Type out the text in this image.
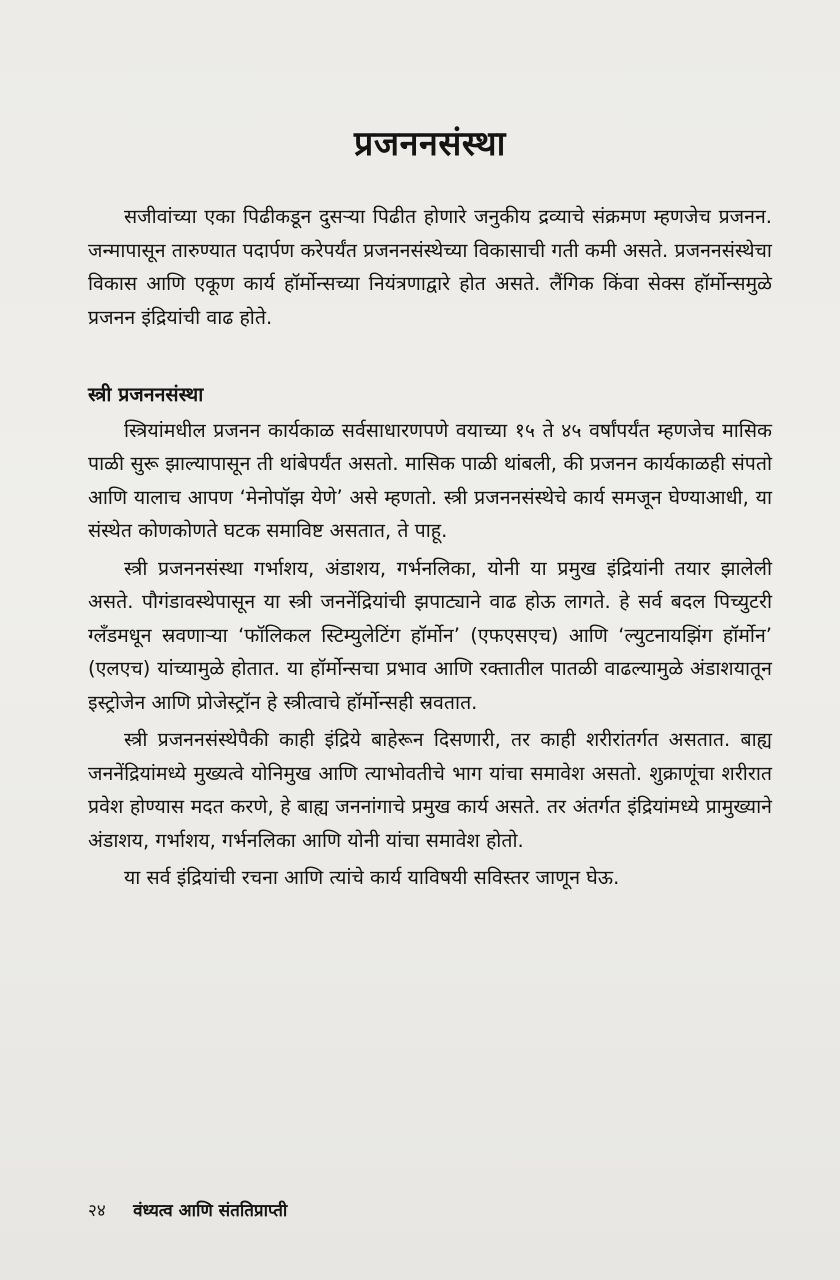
प्रजननसंस्था

सजीवांच्या एका पिढीकडून दुसऱ्या पिढीत होणारे जनुकीय द्रव्याचे संक्रमण म्हणजेच प्रजनन. जन्मापासून तारुण्यात पदार्पण करेपर्यंत प्रजननसंस्थेच्या विकासाची गती कमी असते. प्रजननसंस्थेचा विकास आणि एकूण कार्य हॉर्मोन्सच्या नियंत्रणाद्वारे होत असते. लैंगिक किंवा सेक्स हॉर्मोन्समुळे प्रजनन इंद्रियांची वाढ होते.

स्त्री प्रजननसंस्था

स्त्रियांमधील प्रजनन कार्यकाळ सर्वसाधारणपणे वयाच्या १५ ते ४५ वर्षांपर्यंत म्हणजेच मासिक पाळी सुरू झाल्यापासून ती थांबेपर्यंत असतो. मासिक पाळी थांबली, की प्रजनन कार्यकाळही संपतो आणि यालाच आपण ‘मेनोपॉझ येणे’ असे म्हणतो. स्त्री प्रजननसंस्थेचे कार्य समजून घेण्याआधी, या संस्थेत कोणकोणते घटक समाविष्ट असतात, ते पाहू.

स्त्री प्रजननसंस्था गर्भाशय, अंडाशय, गर्भनलिका, योनी या प्रमुख इंद्रियांनी तयार झालेली असते. पौगंडावस्थेपासून या स्त्री जननेंद्रियांची झपाट्याने वाढ होऊ लागते. हे सर्व बदल पिच्युटरी ग्लँडमधून स्रवणाऱ्या ‘फॉलिकल स्टिम्युलेटिंग हॉर्मोन’ (एफएसएच) आणि ‘ल्युटनायझिंग हॉर्मोन’ (एलएच) यांच्यामुळे होतात. या हॉर्मोन्सचा प्रभाव आणि रक्तातील पातळी वाढल्यामुळे अंडाशयातून इस्ट्रोजेन आणि प्रोजेस्ट्रॉन हे स्त्रीत्वाचे हॉर्मोन्सही स्रवतात.

स्त्री प्रजननसंस्थेपैकी काही इंद्रिये बाहेरून दिसणारी, तर काही शरीरांतर्गत असतात. बाह्य जननेंद्रियांमध्ये मुख्यत्वे योनिमुख आणि त्याभोवतीचे भाग यांचा समावेश असतो. शुक्राणूंचा शरीरात प्रवेश होण्यास मदत करणे, हे बाह्य जननांगाचे प्रमुख कार्य असते. तर अंतर्गत इंद्रियांमध्ये प्रामुख्याने अंडाशय, गर्भाशय, गर्भनलिका आणि योनी यांचा समावेश होतो.

या सर्व इंद्रियांची रचना आणि त्यांचे कार्य याविषयी सविस्तर जाणून घेऊ.

२४ वंध्यत्व आणि संततिप्राप्ती
